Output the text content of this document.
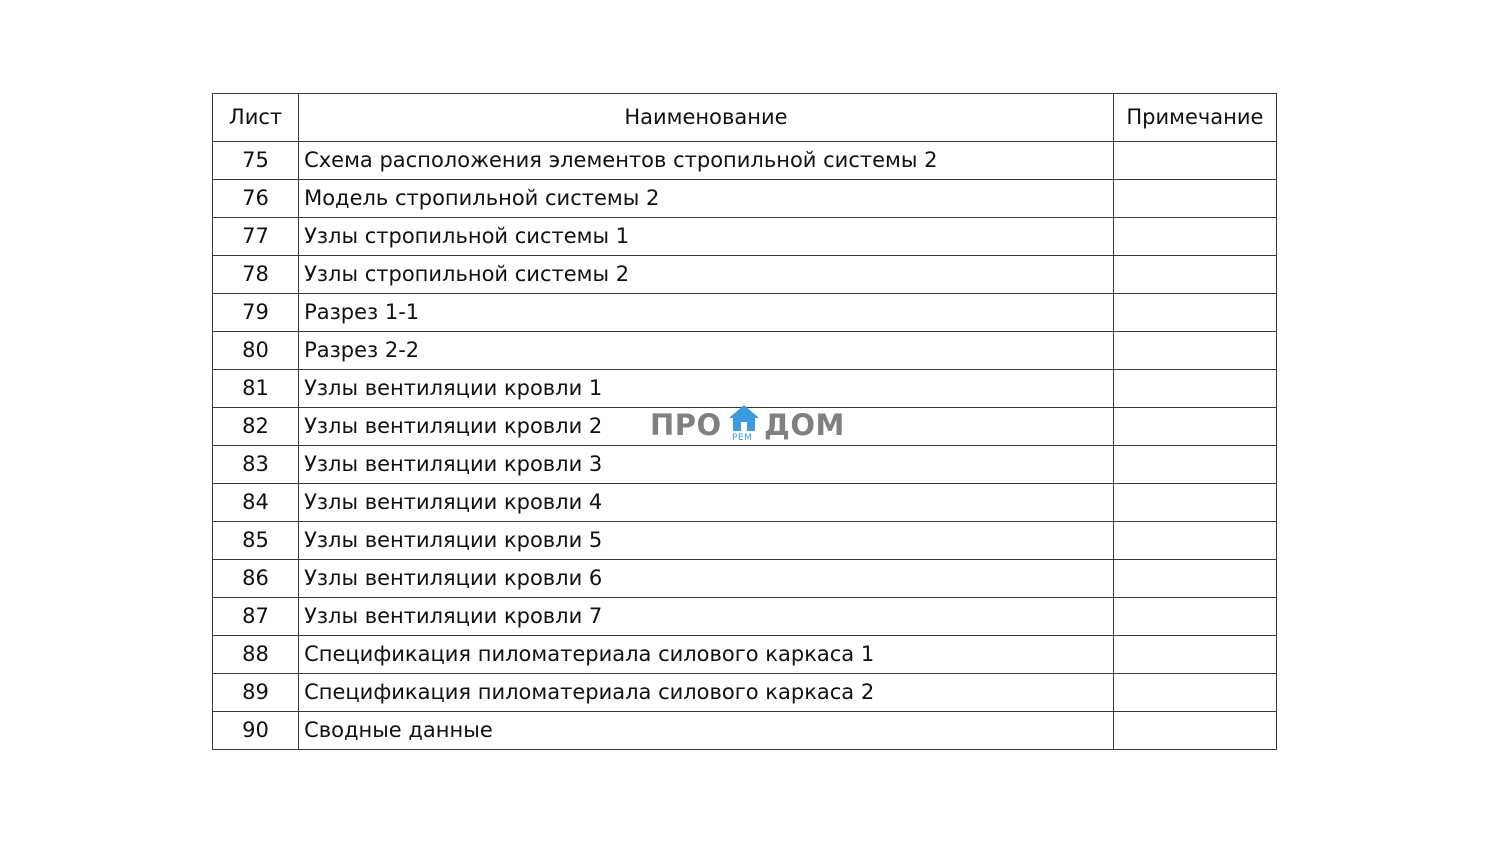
Лист	Наименование	Примечание
75	Схема расположения элементов стропильной системы 2	
76	Модель стропильной системы 2	
77	Узлы стропильной системы 1	
78	Узлы стропильной системы 2	
79	Разрез 1-1	
80	Разрез 2-2	
81	Узлы вентиляции кровли 1	
82	Узлы вентиляции кровли 2	
83	Узлы вентиляции кровли 3	
84	Узлы вентиляции кровли 4	
85	Узлы вентиляции кровли 5	
86	Узлы вентиляции кровли 6	
87	Узлы вентиляции кровли 7	
88	Спецификация пиломатериала силового каркаса 1	
89	Спецификация пиломатериала силового каркаса 2	
90	Сводные данные	
ПРО РЕМ ДОМ
